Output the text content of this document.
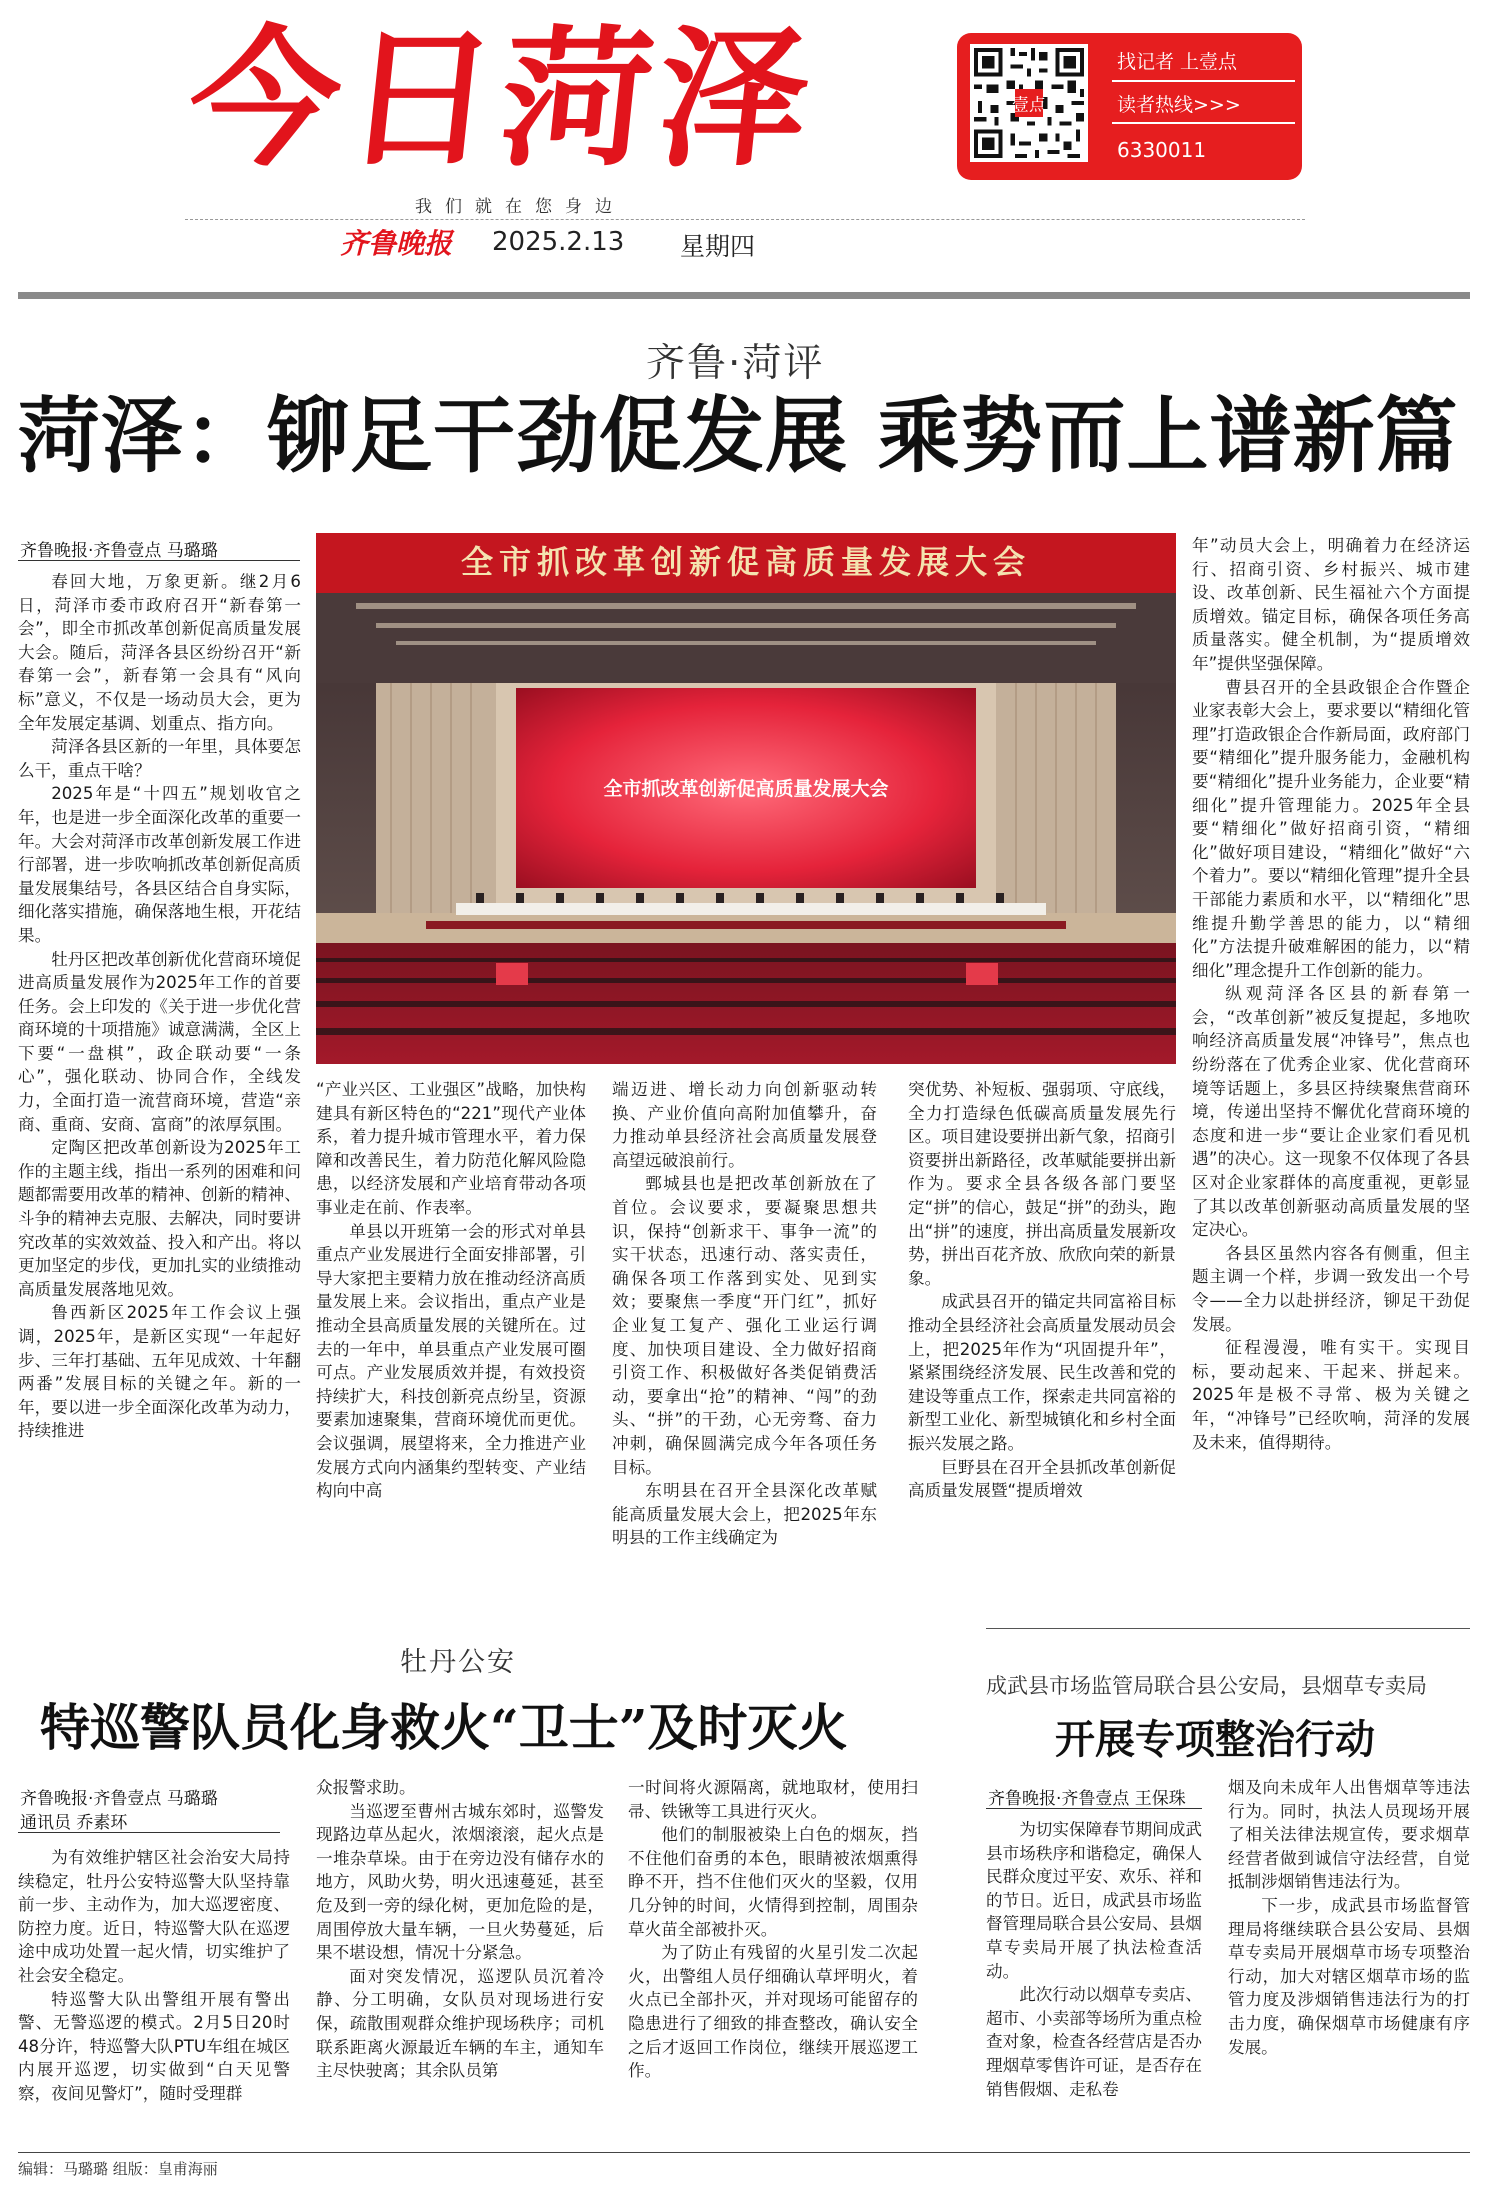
今日菏泽
我们就在您身边
齐鲁晚报 2025.2.13 星期四
壹点
找记者 上壹点
读者热线>>>
6330011
齐鲁·菏评
菏泽：铆足干劲促发展 乘势而上谱新篇
齐鲁晚报·齐鲁壹点 马璐璐
全市抓改革创新促高质量发展大会
全市抓改革创新促高质量发展大会

春回大地，万象更新。继2月6日，菏泽市委市政府召开“新春第一会”，即全市抓改革创新促高质量发展大会。随后，菏泽各县区纷纷召开“新春第一会”，新春第一会具有“风向标”意义，不仅是一场动员大会，更为全年发展定基调、划重点、指方向。

菏泽各县区新的一年里，具体要怎么干，重点干啥？

2025年是“十四五”规划收官之年，也是进一步全面深化改革的重要一年。大会对菏泽市改革创新发展工作进行部署，进一步吹响抓改革创新促高质量发展集结号，各县区结合自身实际，细化落实措施，确保落地生根，开花结果。

牡丹区把改革创新优化营商环境促进高质量发展作为2025年工作的首要任务。会上印发的《关于进一步优化营商环境的十项措施》诚意满满，全区上下要“一盘棋”，政企联动要“一条心”，强化联动、协同合作，全线发力，全面打造一流营商环境，营造“亲商、重商、安商、富商”的浓厚氛围。

定陶区把改革创新设为2025年工作的主题主线，指出一系列的困难和问题都需要用改革的精神、创新的精神、斗争的精神去克服、去解决，同时要讲究改革的实效效益、投入和产出。将以更加坚定的步伐，更加扎实的业绩推动高质量发展落地见效。

鲁西新区2025年工作会议上强调，2025年，是新区实现“一年起好步、三年打基础、五年见成效、十年翻两番”发展目标的关键之年。新的一年，要以进一步全面深化改革为动力，持续推进

“产业兴区、工业强区”战略，加快构建具有新区特色的“221”现代产业体系，着力提升城市管理水平，着力保障和改善民生，着力防范化解风险隐患，以经济发展和产业培育带动各项事业走在前、作表率。

单县以开班第一会的形式对单县重点产业发展进行全面安排部署，引导大家把主要精力放在推动经济高质量发展上来。会议指出，重点产业是推动全县高质量发展的关键所在。过去的一年中，单县重点产业发展可圈可点。产业发展质效并提，有效投资持续扩大，科技创新亮点纷呈，资源要素加速聚集，营商环境优而更优。会议强调，展望将来，全力推进产业发展方式向内涵集约型转变、产业结构向中高

端迈进、增长动力向创新驱动转换、产业价值向高附加值攀升，奋力推动单县经济社会高质量发展登高望远破浪前行。

鄄城县也是把改革创新放在了首位。会议要求，要凝聚思想共识，保持“创新求干、事争一流”的实干状态，迅速行动、落实责任，确保各项工作落到实处、见到实效；要聚焦一季度“开门红”，抓好企业复工复产、强化工业运行调度、加快项目建设、全力做好招商引资工作、积极做好各类促销费活动，要拿出“抢”的精神、“闯”的劲头、“拼”的干劲，心无旁骛、奋力冲刺，确保圆满完成今年各项任务目标。

东明县在召开全县深化改革赋能高质量发展大会上，把2025年东明县的工作主线确定为

突优势、补短板、强弱项、守底线，全力打造绿色低碳高质量发展先行区。项目建设要拼出新气象，招商引资要拼出新路径，改革赋能要拼出新作为。要求全县各级各部门要坚定“拼”的信心，鼓足“拼”的劲头，跑出“拼”的速度，拼出高质量发展新攻势，拼出百花齐放、欣欣向荣的新景象。

成武县召开的锚定共同富裕目标推动全县经济社会高质量发展动员会上，把2025年作为“巩固提升年”，紧紧围绕经济发展、民生改善和党的建设等重点工作，探索走共同富裕的新型工业化、新型城镇化和乡村全面振兴发展之路。

巨野县在召开全县抓改革创新促高质量发展暨“提质增效

年”动员大会上，明确着力在经济运行、招商引资、乡村振兴、城市建设、改革创新、民生福祉六个方面提质增效。锚定目标，确保各项任务高质量落实。健全机制，为“提质增效年”提供坚强保障。

曹县召开的全县政银企合作暨企业家表彰大会上，要求要以“精细化管理”打造政银企合作新局面，政府部门要“精细化”提升服务能力，金融机构要“精细化”提升业务能力，企业要“精细化”提升管理能力。2025年全县要“精细化”做好招商引资，“精细化”做好项目建设，“精细化”做好“六个着力”。要以“精细化管理”提升全县干部能力素质和水平，以“精细化”思维提升勤学善思的能力，以“精细化”方法提升破难解困的能力，以“精细化”理念提升工作创新的能力。

纵观菏泽各区县的新春第一会，“改革创新”被反复提起，多地吹响经济高质量发展“冲锋号”，焦点也纷纷落在了优秀企业家、优化营商环境等话题上，多县区持续聚焦营商环境，传递出坚持不懈优化营商环境的态度和进一步“要让企业家们看见机遇”的决心。这一现象不仅体现了各县区对企业家群体的高度重视，更彰显了其以改革创新驱动高质量发展的坚定决心。

各县区虽然内容各有侧重，但主题主调一个样，步调一致发出一个号令——全力以赴拼经济，铆足干劲促发展。

征程漫漫，唯有实干。实现目标，要动起来、干起来、拼起来。2025年是极不寻常、极为关键之年，“冲锋号”已经吹响，菏泽的发展及未来，值得期待。

牡丹公安
特巡警队员化身救火“卫士”及时灭火
齐鲁晚报·齐鲁壹点 马璐璐
通讯员 乔素环

为有效维护辖区社会治安大局持续稳定，牡丹公安特巡警大队坚持靠前一步、主动作为，加大巡逻密度、防控力度。近日，特巡警大队在巡逻途中成功处置一起火情，切实维护了社会安全稳定。

特巡警大队出警组开展有警出警、无警巡逻的模式。2月5日20时48分许，特巡警大队PTU车组在城区内展开巡逻，切实做到“白天见警察，夜间见警灯”，随时受理群

众报警求助。

当巡逻至曹州古城东郊时，巡警发现路边草丛起火，浓烟滚滚，起火点是一堆杂草垛。由于在旁边没有储存水的地方，风助火势，明火迅速蔓延，甚至危及到一旁的绿化树，更加危险的是，周围停放大量车辆，一旦火势蔓延，后果不堪设想，情况十分紧急。

面对突发情况，巡逻队员沉着冷静、分工明确，女队员对现场进行安保，疏散围观群众维护现场秩序；司机联系距离火源最近车辆的车主，通知车主尽快驶离；其余队员第

一时间将火源隔离，就地取材，使用扫帚、铁锹等工具进行灭火。

他们的制服被染上白色的烟灰，挡不住他们奋勇的本色，眼睛被浓烟熏得睁不开，挡不住他们灭火的坚毅，仅用几分钟的时间，火情得到控制，周围杂草火苗全部被扑灭。

为了防止有残留的火星引发二次起火，出警组人员仔细确认草坪明火，着火点已全部扑灭，并对现场可能留存的隐患进行了细致的排查整改，确认安全之后才返回工作岗位，继续开展巡逻工作。

成武县市场监管局联合县公安局，县烟草专卖局
开展专项整治行动
齐鲁晚报·齐鲁壹点 王保珠

为切实保障春节期间成武县市场秩序和谐稳定，确保人民群众度过平安、欢乐、祥和的节日。近日，成武县市场监督管理局联合县公安局、县烟草专卖局开展了执法检查活动。

此次行动以烟草专卖店、超市、小卖部等场所为重点检查对象，检查各经营店是否办理烟草零售许可证，是否存在销售假烟、走私卷

烟及向未成年人出售烟草等违法行为。同时，执法人员现场开展了相关法律法规宣传，要求烟草经营者做到诚信守法经营，自觉抵制涉烟销售违法行为。

下一步，成武县市场监督管理局将继续联合县公安局、县烟草专卖局开展烟草市场专项整治行动，加大对辖区烟草市场的监管力度及涉烟销售违法行为的打击力度，确保烟草市场健康有序发展。

编辑：马璐璐 组版：皇甫海丽
